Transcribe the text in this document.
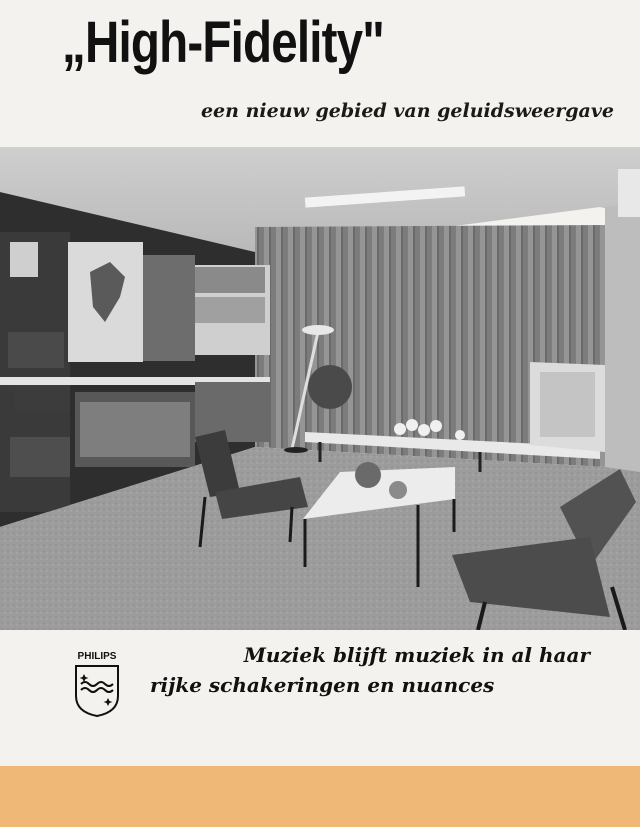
„High-Fidelity"
een nieuw gebied van geluidsweergave
PHILIPS	Muziek blijft muziek in al haar
rijke schakeringen en nuances
